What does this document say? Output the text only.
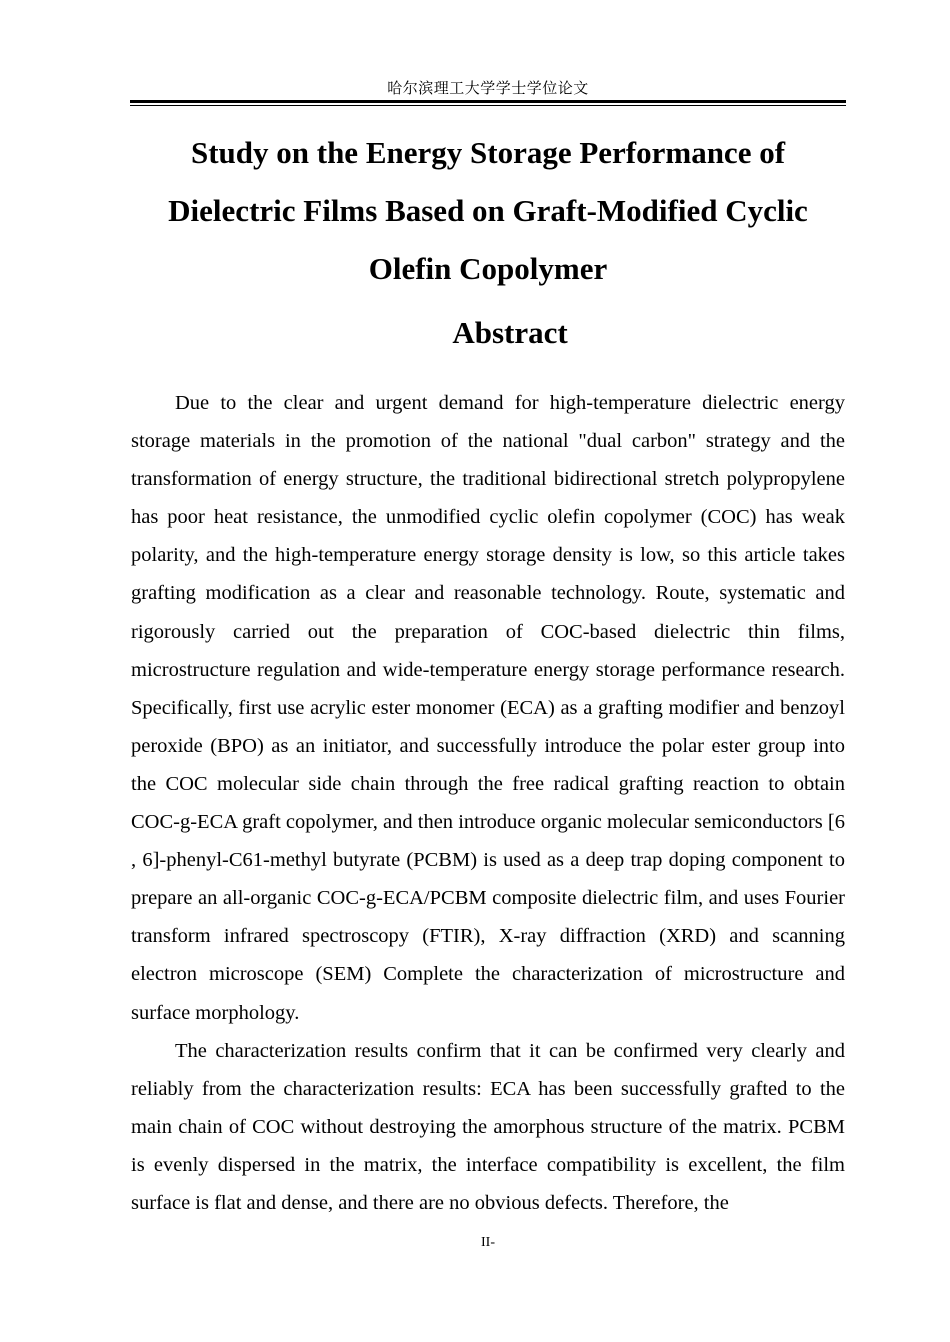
哈尔滨理工大学学士学位论文
Study on the Energy Storage Performance of Dielectric Films Based on Graft-Modified Cyclic Olefin Copolymer
Abstract

Due to the clear and urgent demand for high-temperature dielectric energy storage materials in the promotion of the national "dual carbon" strategy and the transformation of energy structure, the traditional bidirectional stretch polypropylene has poor heat resistance, the unmodified cyclic olefin copolymer (COC) has weak polarity, and the high-temperature energy storage density is low, so this article takes grafting modification as a clear and reasonable technology. Route, systematic and rigorously carried out the preparation of COC-based dielectric thin films, microstructure regulation and wide-temperature energy storage performance research. Specifically, first use acrylic ester monomer (ECA) as a grafting modifier and benzoyl peroxide (BPO) as an initiator, and successfully introduce the polar ester group into the COC molecular side chain through the free radical grafting reaction to obtain COC-g-ECA graft copolymer, and then introduce organic molecular semiconductors [6 , 6]-phenyl-C61-methyl butyrate (PCBM) is used as a deep trap doping component to prepare an all-organic COC-g-ECA/PCBM composite dielectric film, and uses Fourier transform infrared spectroscopy (FTIR), X-ray diffraction (XRD) and scanning electron microscope (SEM) Complete the characterization of microstructure and surface morphology.

The characterization results confirm that it can be confirmed very clearly and reliably from the characterization results: ECA has been successfully grafted to the main chain of COC without destroying the amorphous structure of the matrix. PCBM is evenly dispersed in the matrix, the interface compatibility is excellent, the film surface is flat and dense, and there are no obvious defects. Therefore, the

II-
